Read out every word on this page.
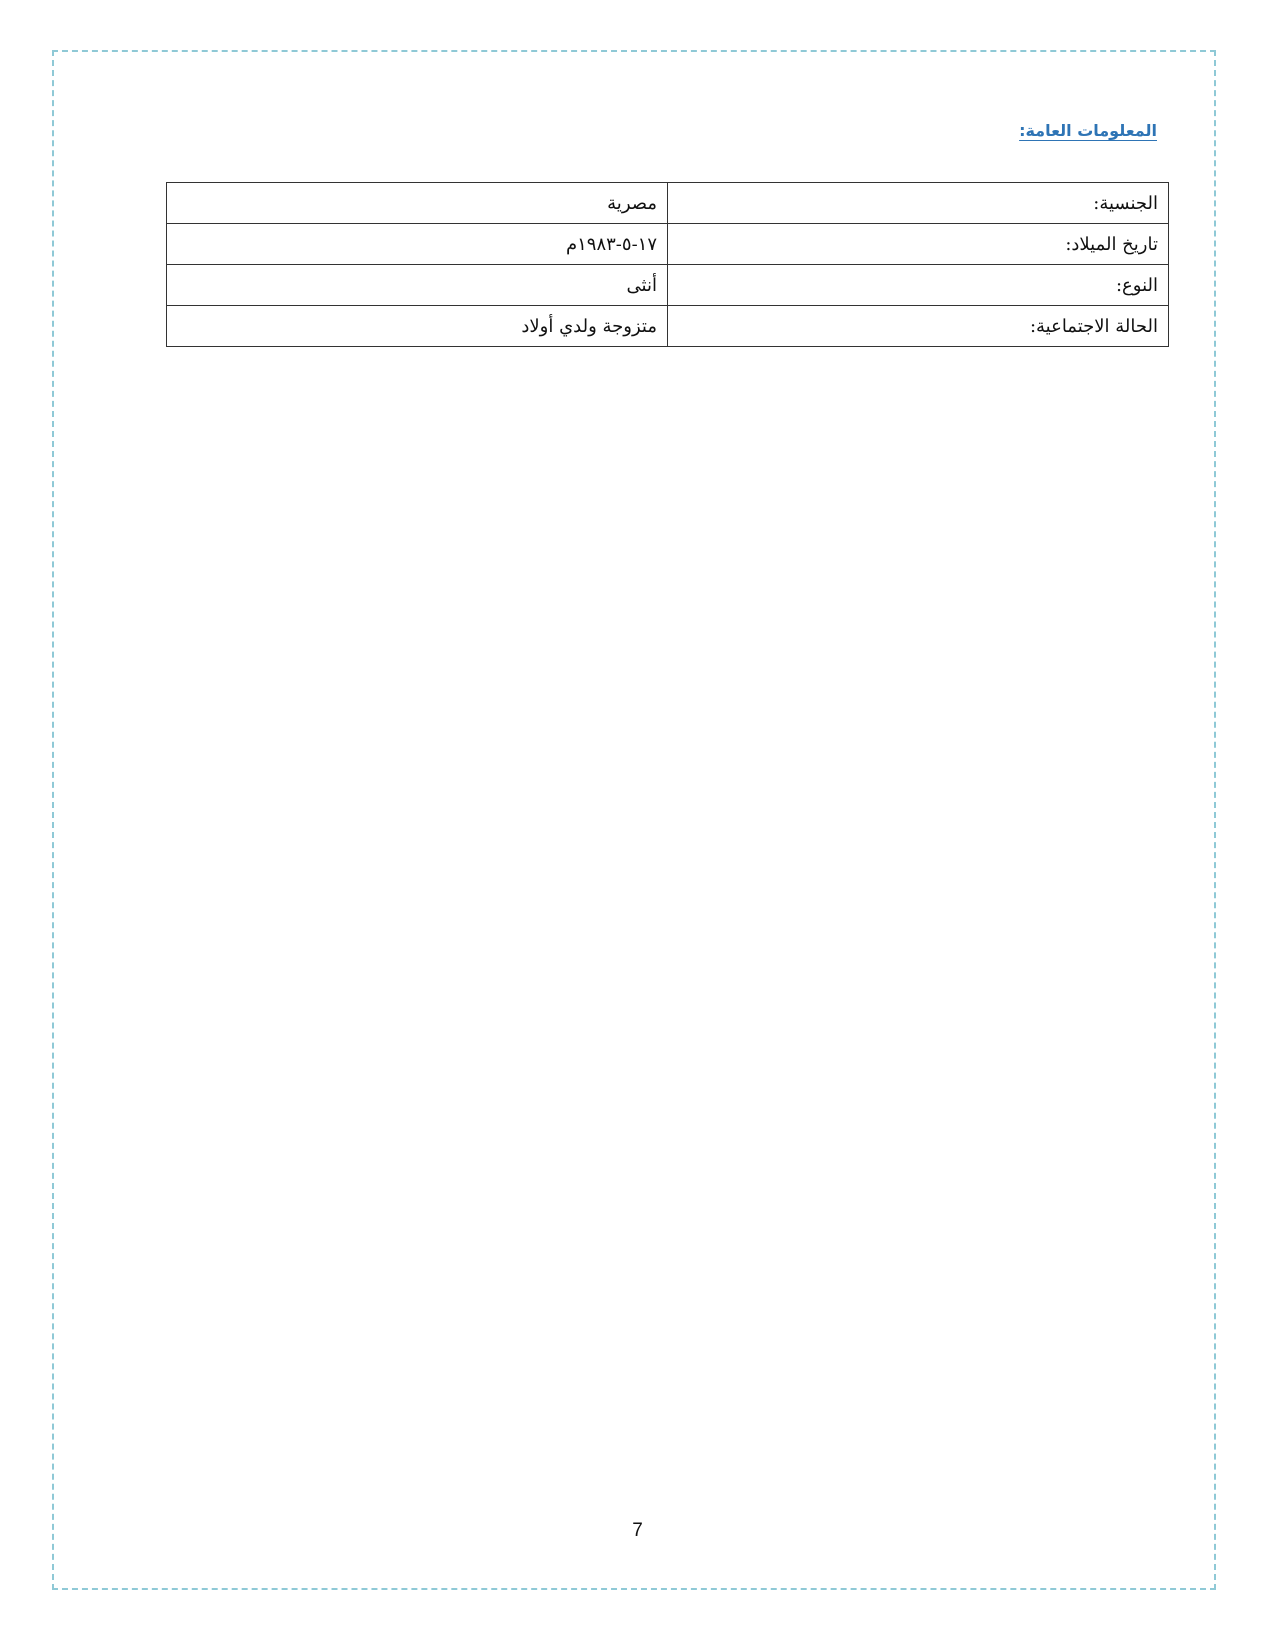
المعلومات العامة:
الجنسية:	مصرية
تاريخ الميلاد:	١٧-٥-١٩٨٣م
النوع:	أنثى
الحالة الاجتماعية:	متزوجة ولدي أولاد
7
